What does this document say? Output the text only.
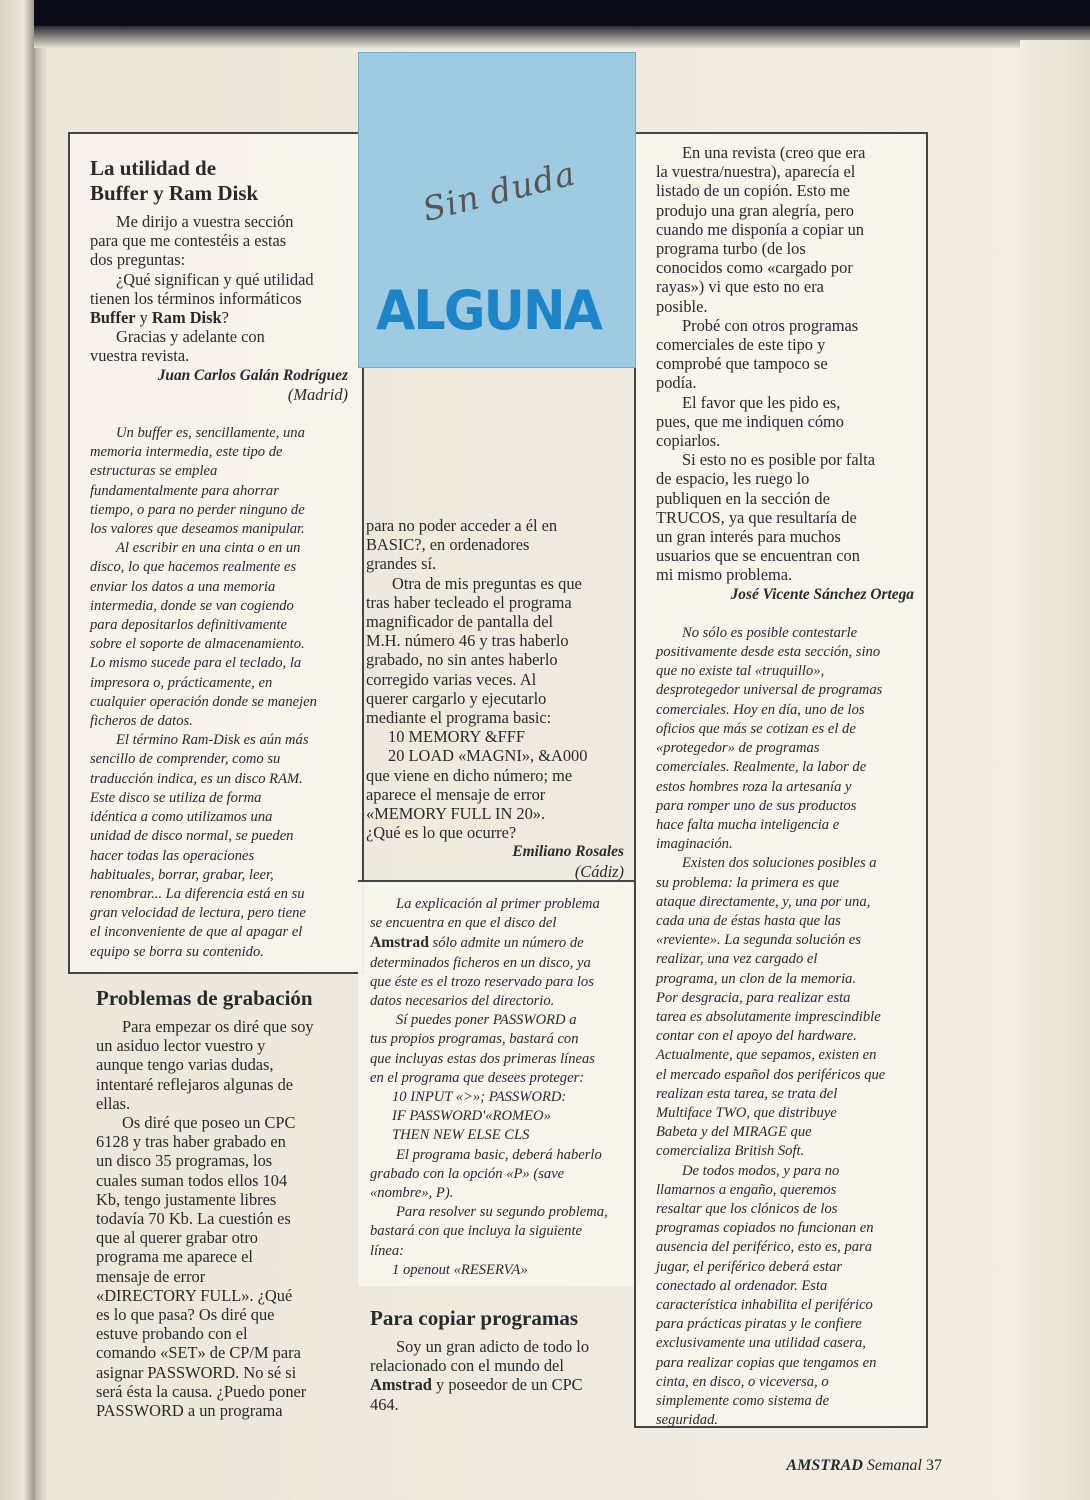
Sin duda
ALGUNA
La utilidad de
Buffer y Ram Disk

Me dirijo a vuestra sección

para que me contestéis a estas

dos preguntas:

¿Qué significan y qué utilidad

tienen los términos informáticos

Buffer y Ram Disk?

Gracias y adelante con

vuestra revista.

Juan Carlos Galán Rodríguez

(Madrid)

Un buffer es, sencillamente, una

memoria intermedia, este tipo de

estructuras se emplea

fundamentalmente para ahorrar

tiempo, o para no perder ninguno de

los valores que deseamos manipular.

Al escribir en una cinta o en un

disco, lo que hacemos realmente es

enviar los datos a una memoria

intermedia, donde se van cogiendo

para depositarlos definitivamente

sobre el soporte de almacenamiento.

Lo mismo sucede para el teclado, la

impresora o, prácticamente, en

cualquier operación donde se manejen

ficheros de datos.

El término Ram-Disk es aún más

sencillo de comprender, como su

traducción indica, es un disco RAM.

Este disco se utiliza de forma

idéntica a como utilizamos una

unidad de disco normal, se pueden

hacer todas las operaciones

habituales, borrar, grabar, leer,

renombrar... La diferencia está en su

gran velocidad de lectura, pero tiene

el inconveniente de que al apagar el

equipo se borra su contenido.

Problemas de grabación

Para empezar os diré que soy

un asiduo lector vuestro y

aunque tengo varias dudas,

intentaré reflejaros algunas de

ellas.

Os diré que poseo un CPC

6128 y tras haber grabado en

un disco 35 programas, los

cuales suman todos ellos 104

Kb, tengo justamente libres

todavía 70 Kb. La cuestión es

que al querer grabar otro

programa me aparece el

mensaje de error

«DIRECTORY FULL». ¿Qué

es lo que pasa? Os diré que

estuve probando con el

comando «SET» de CP/M para

asignar PASSWORD. No sé si

será ésta la causa. ¿Puedo poner

PASSWORD a un programa

para no poder acceder a él en

BASIC?, en ordenadores

grandes sí.

Otra de mis preguntas es que

tras haber tecleado el programa

magnificador de pantalla del

M.H. número 46 y tras haberlo

grabado, no sin antes haberlo

corregido varias veces. Al

querer cargarlo y ejecutarlo

mediante el programa basic:

10 MEMORY &FFF

20 LOAD «MAGNI», &A000

que viene en dicho número; me

aparece el mensaje de error

«MEMORY FULL IN 20».

¿Qué es lo que ocurre?

Emiliano Rosales

(Cádiz)

La explicación al primer problema

se encuentra en que el disco del

Amstrad sólo admite un número de

determinados ficheros en un disco, ya

que éste es el trozo reservado para los

datos necesarios del directorio.

Sí puedes poner PASSWORD a

tus propios programas, bastará con

que incluyas estas dos primeras líneas

en el programa que desees proteger:

10 INPUT «>»; PASSWORD:

IF PASSWORD'«ROMEO»

THEN NEW ELSE CLS

El programa basic, deberá haberlo

grabado con la opción «P» (save

«nombre», P).

Para resolver su segundo problema,

bastará con que incluya la siguiente

línea:

1 openout «RESERVA»

Para copiar programas

Soy un gran adicto de todo lo

relacionado con el mundo del

Amstrad y poseedor de un CPC

464.

En una revista (creo que era

la vuestra/nuestra), aparecía el

listado de un copión. Esto me

produjo una gran alegría, pero

cuando me disponía a copiar un

programa turbo (de los

conocidos como «cargado por

rayas») vi que esto no era

posible.

Probé con otros programas

comerciales de este tipo y

comprobé que tampoco se

podía.

El favor que les pido es,

pues, que me indiquen cómo

copiarlos.

Si esto no es posible por falta

de espacio, les ruego lo

publiquen en la sección de

TRUCOS, ya que resultaría de

un gran interés para muchos

usuarios que se encuentran con

mi mismo problema.

José Vicente Sánchez Ortega

No sólo es posible contestarle

positivamente desde esta sección, sino

que no existe tal «truquillo»,

desprotegedor universal de programas

comerciales. Hoy en día, uno de los

oficios que más se cotizan es el de

«protegedor» de programas

comerciales. Realmente, la labor de

estos hombres roza la artesanía y

para romper uno de sus productos

hace falta mucha inteligencia e

imaginación.

Existen dos soluciones posibles a

su problema: la primera es que

ataque directamente, y, una por una,

cada una de éstas hasta que las

«reviente». La segunda solución es

realizar, una vez cargado el

programa, un clon de la memoria.

Por desgracia, para realizar esta

tarea es absolutamente imprescindible

contar con el apoyo del hardware.

Actualmente, que sepamos, existen en

el mercado español dos periféricos que

realizan esta tarea, se trata del

Multiface TWO, que distribuye

Babeta y del MIRAGE que

comercializa British Soft.

De todos modos, y para no

llamarnos a engaño, queremos

resaltar que los clónicos de los

programas copiados no funcionan en

ausencia del periférico, esto es, para

jugar, el periférico deberá estar

conectado al ordenador. Esta

característica inhabilita el periférico

para prácticas piratas y le confiere

exclusivamente una utilidad casera,

para realizar copias que tengamos en

cinta, en disco, o viceversa, o

simplemente como sistema de

seguridad.

AMSTRAD Semanal 37
